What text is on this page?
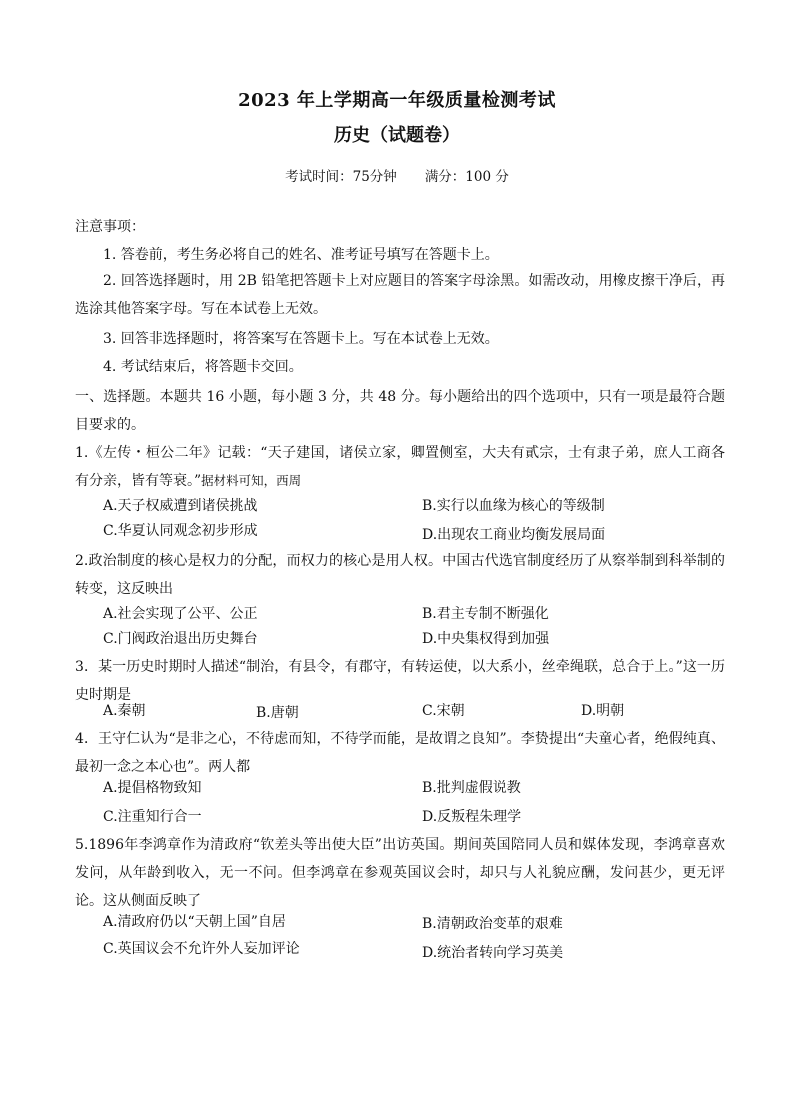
2023 年上学期高一年级质量检测考试
历史（试题卷）
考试时间：75分钟 满分：100 分
注意事项：
1. 答卷前，考生务必将自己的姓名、准考证号填写在答题卡上。
2. 回答选择题时，用 2B 铅笔把答题卡上对应题目的答案字母涂黑。如需改动，用橡皮擦干净后，再选涂其他答案字母。写在本试卷上无效。
3. 回答非选择题时，将答案写在答题卡上。写在本试卷上无效。
4. 考试结束后，将答题卡交回。
一、选择题。本题共 16 小题，每小题 3 分，共 48 分。每小题给出的四个选项中，只有一项是最符合题目要求的。
1.《左传・桓公二年》记载：“天子建国，诸侯立家，卿置侧室，大夫有貳宗，士有隶子弟，庶人工商各有分亲，皆有等衰。”据材料可知，西周
A.天子权威遭到诸侯挑战	B.实行以血缘为核心的等级制
C.华夏认同观念初步形成	D.出现农工商业均衡发展局面
2.政治制度的核心是权力的分配，而权力的核心是用人权。中国古代选官制度经历了从察举制到科举制的转变，这反映出
A.社会实现了公平、公正	B.君主专制不断强化
C.门阀政治退出历史舞台	D.中央集权得到加强
3．某一历史时期时人描述“制治，有县令，有郡守，有转运使，以大系小，丝牵绳联，总合于上。”这一历史时期是
A.秦朝	B.唐朝	C.宋朝	D.明朝
4．王守仁认为“是非之心，不待虑而知，不待学而能，是故谓之良知”。李贽提出“夫童心者，绝假纯真、最初一念之本心也”。两人都
A.提倡格物致知	B.批判虚假说教
C.注重知行合一	D.反叛程朱理学
5.1896年李鸿章作为清政府“钦差头等出使大臣”出访英国。期间英国陪同人员和媒体发现，李鸿章喜欢发问，从年龄到收入，无一不问。但李鸿章在参观英国议会时，却只与人礼貌应酬，发问甚少，更无评论。这从侧面反映了
A.清政府仍以“天朝上国”自居	B.清朝政治变革的艰难
C.英国议会不允许外人妄加评论	D.统治者转向学习英美
